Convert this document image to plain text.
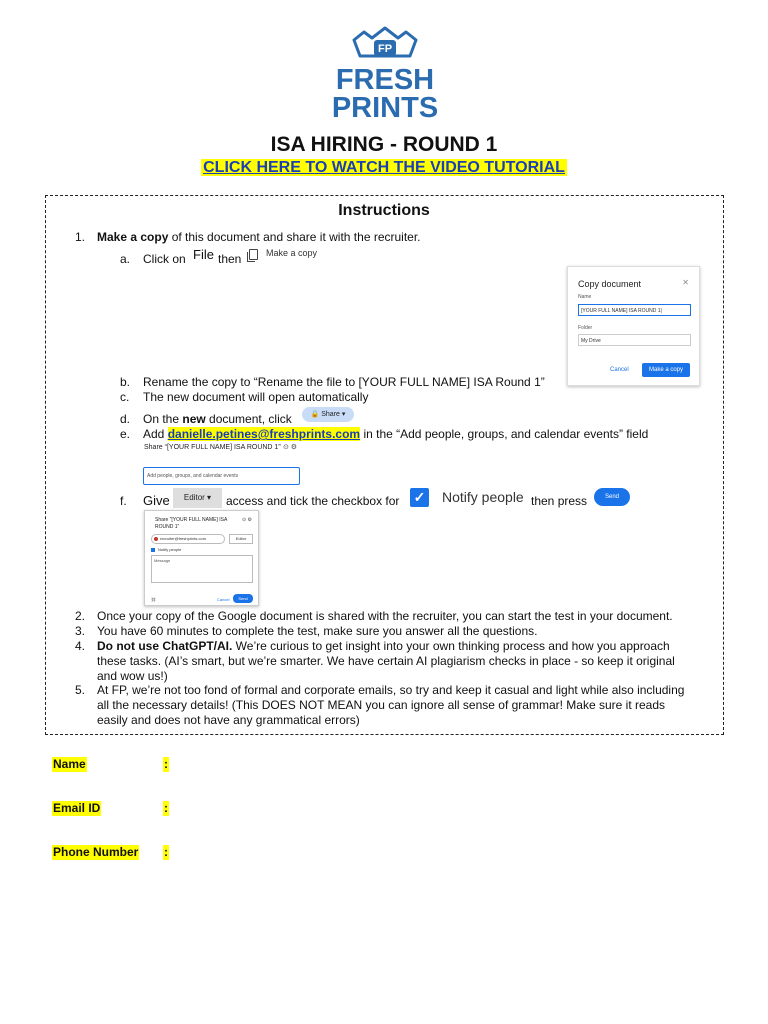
FP
FRESH
PRINTS
ISA HIRING - ROUND 1
CLICK HERE TO WATCH THE VIDEO TUTORIAL
Instructions
1. Make a copy of this document and share it with the recruiter.
a. Click on File then	Make a copy
Copy document	✕
Name
[YOUR FULL NAME] ISA ROUND 1|
Folder
My Drive
Cancel	Make a copy
b. Rename the copy to “Rename the file to [YOUR FULL NAME] ISA Round 1”
c. The new document will open automatically
d. On the new document, click	🔒 Share ▾
e. Add danielle.petines@freshprints.com in the “Add people, groups, and calendar events” field
Share “[YOUR FULL NAME] ISA ROUND 1” ⊙ ⚙
Add people, groups, and calendar events
f. Give	Editor ▾	access and tick the checkbox for ✓ Notify people then press	Send
Share “[YOUR FULL NAME] ISA ROUND 1”
⊙ ⚙
recruiter@freshprints.com	Editor
Notify people
Message
⛓	Cancel	Send
2. Once your copy of the Google document is shared with the recruiter, you can start the test in your document.
3. You have 60 minutes to complete the test, make sure you answer all the questions.
4. Do not use ChatGPT/AI. We’re curious to get insight into your own thinking process and how you approach
these tasks. (AI’s smart, but we’re smarter. We have certain AI plagiarism checks in place - so keep it original
and wow us!)
5. At FP, we’re not too fond of formal and corporate emails, so try and keep it casual and light while also including
all the necessary details! (This DOES NOT MEAN you can ignore all sense of grammar! Make sure it reads
easily and does not have any grammatical errors)
Name	:
Email ID	:
Phone Number :
